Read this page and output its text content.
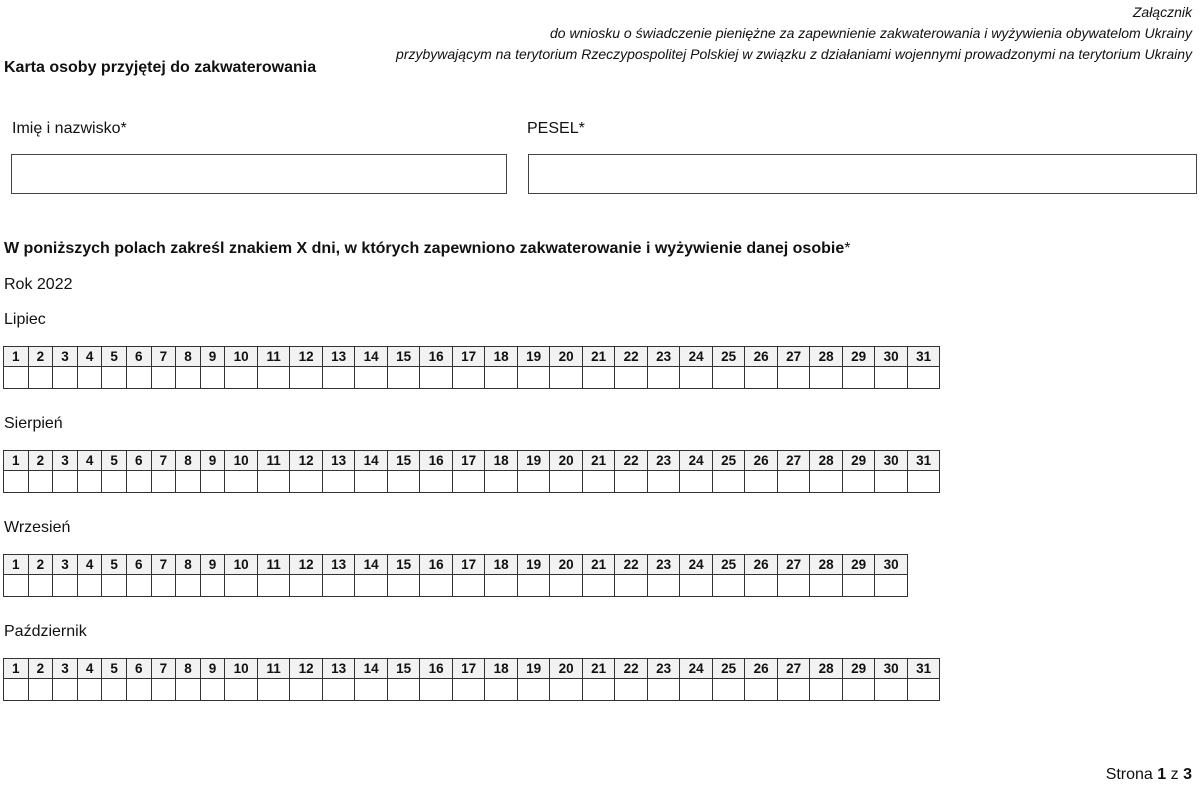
Załącznik
do wniosku o świadczenie pieniężne za zapewnienie zakwaterowania i wyżywienia obywatelom Ukrainy
przybywającym na terytorium Rzeczypospolitej Polskiej w związku z działaniami wojennymi prowadzonymi na terytorium Ukrainy
Karta osoby przyjętej do zakwaterowania
Imię i nazwisko*	PESEL*
W poniższych polach zakreśl znakiem X dni, w których zapewniono zakwaterowanie i wyżywienie danej osobie*
Rok 2022
Lipiec
1	2	3	4	5	6	7	8	9	10	11	12	13	14	15	16	17	18	19	20	21	22	23	24	25	26	27	28	29	30	31

Sierpień
1	2	3	4	5	6	7	8	9	10	11	12	13	14	15	16	17	18	19	20	21	22	23	24	25	26	27	28	29	30	31

Wrzesień
1	2	3	4	5	6	7	8	9	10	11	12	13	14	15	16	17	18	19	20	21	22	23	24	25	26	27	28	29	30

Październik
1	2	3	4	5	6	7	8	9	10	11	12	13	14	15	16	17	18	19	20	21	22	23	24	25	26	27	28	29	30	31

Strona 1 z 3
